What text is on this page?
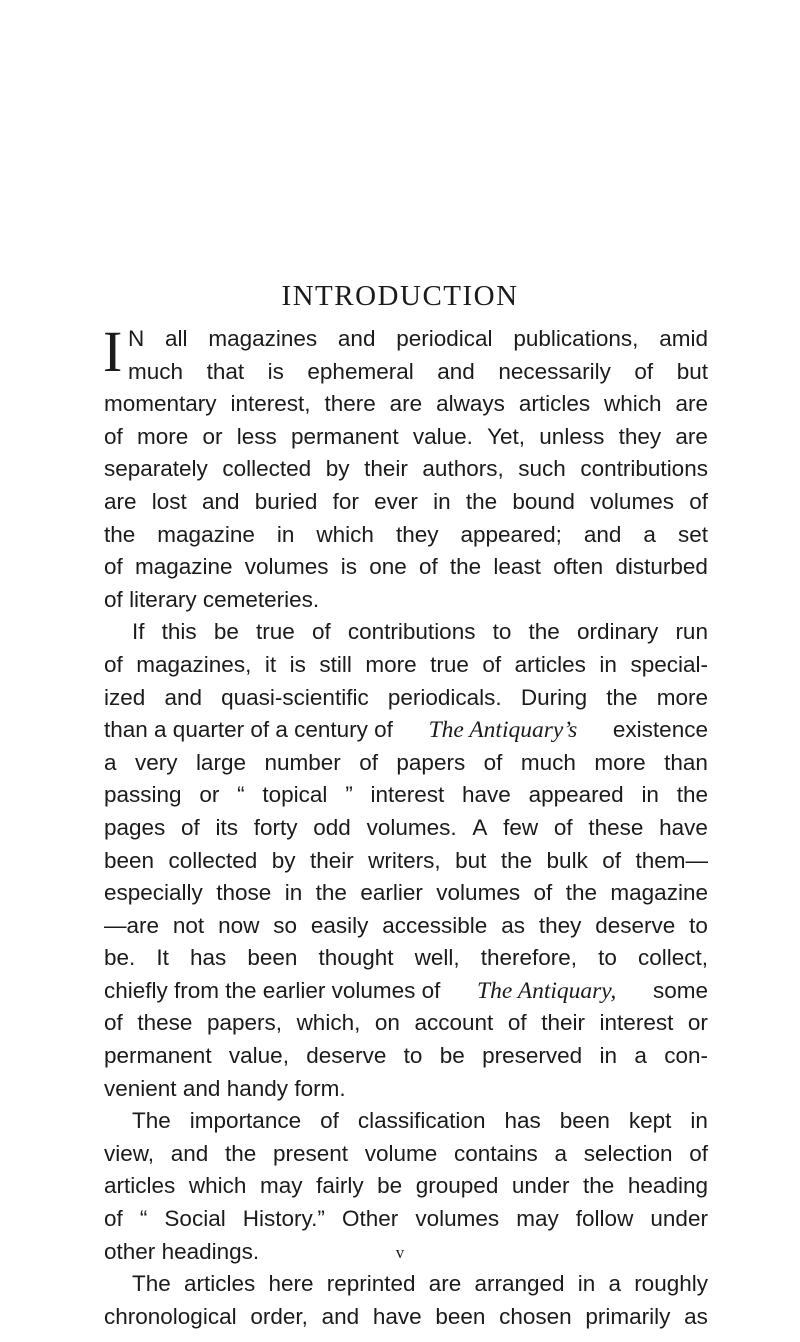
INTRODUCTION
I N all magazines and periodical publications, amid
much that is ephemeral and necessarily of but
momentary interest, there are always articles which are
of more or less permanent value. Yet, unless they are
separately collected by their authors, such contributions
are lost and buried for ever in the bound volumes of
the magazine in which they appeared; and a set
of magazine volumes is one of the least often disturbed
of literary cemeteries.
If this be true of contributions to the ordinary run
of magazines, it is still more true of articles in special-
ized and quasi-scientific periodicals. During the more
than a quarter of a century of The Antiquary’s existence
a very large number of papers of much more than
passing or “ topical ” interest have appeared in the
pages of its forty odd volumes. A few of these have
been collected by their writers, but the bulk of them—
especially those in the earlier volumes of the magazine
—are not now so easily accessible as they deserve to
be. It has been thought well, therefore, to collect,
chiefly from the earlier volumes of The Antiquary, some
of these papers, which, on account of their interest or
permanent value, deserve to be preserved in a con-
venient and handy form.
The importance of classification has been kept in
view, and the present volume contains a selection of
articles which may fairly be grouped under the heading
of “ Social History.” Other volumes may follow under
other headings.
The articles here reprinted are arranged in a roughly
chronological order, and have been chosen primarily as
v
